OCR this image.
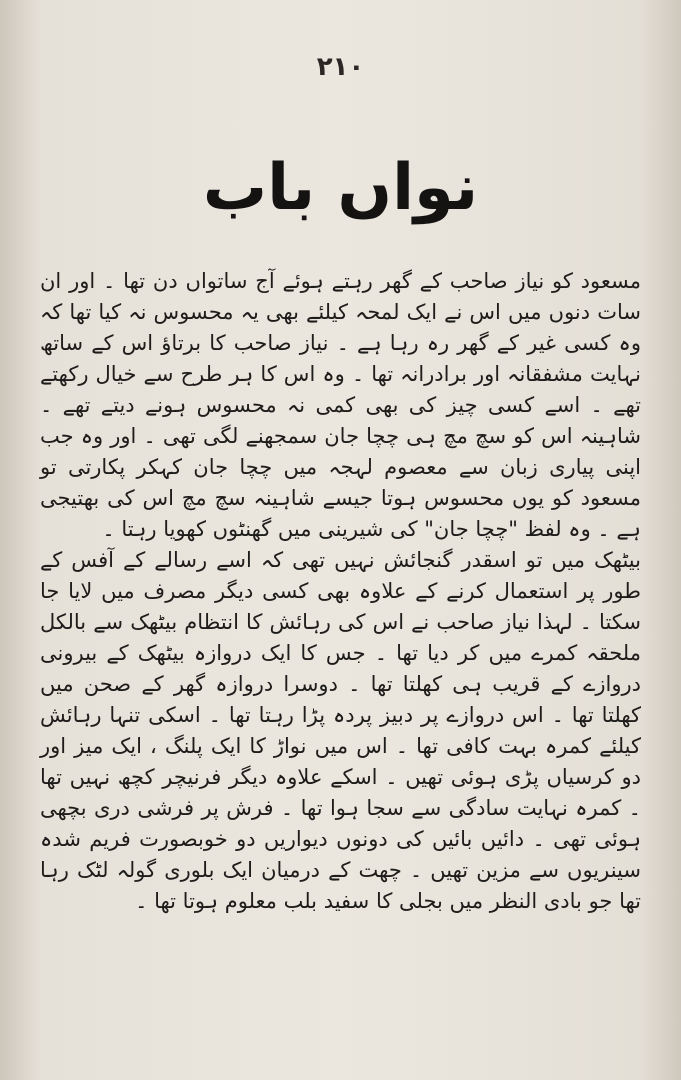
۲۱۰
نواں باب

مسعود کو نیاز صاحب کے گھر رہتے ہوئے آج ساتواں دن تھا ۔ اور ان سات دنوں میں اس نے ایک لمحہ کیلئے بھی یہ محسوس نہ کیا تھا کہ وہ کسی غیر کے گھر رہ رہا ہے ۔ نیاز صاحب کا برتاؤ اس کے ساتھ نہایت مشفقانہ اور برادرانہ تھا ۔ وہ اس کا ہر طرح سے خیال رکھتے تھے ۔ اسے کسی چیز کی بھی کمی نہ محسوس ہونے دیتے تھے ۔ شاہینہ اس کو سچ مچ ہی چچا جان سمجھنے لگی تھی ۔ اور وہ جب اپنی پیاری زبان سے معصوم لہجہ میں چچا جان کہکر پکارتی تو مسعود کو یوں محسوس ہوتا جیسے شاہینہ سچ مچ اس کی بھتیجی ہے ۔ وہ لفظ "چچا جان" کی شیرینی میں گھنٹوں کھویا رہتا ۔

بیٹھک میں تو اسقدر گنجائش نہیں تھی کہ اسے رسالے کے آفس کے طور پر استعمال کرنے کے علاوہ بھی کسی دیگر مصرف میں لایا جا سکتا ۔ لہذا نیاز صاحب نے اس کی رہائش کا انتظام بیٹھک سے بالکل ملحقہ کمرے میں کر دیا تھا ۔ جس کا ایک دروازہ بیٹھک کے بیرونی دروازے کے قریب ہی کھلتا تھا ۔ دوسرا دروازہ گھر کے صحن میں کھلتا تھا ۔ اس دروازے پر دبیز پردہ پڑا رہتا تھا ۔ اسکی تنہا رہائش کیلئے کمرہ بہت کافی تھا ۔ اس میں نواڑ کا ایک پلنگ ، ایک میز اور دو کرسیاں پڑی ہوئی تھیں ۔ اسکے علاوہ دیگر فرنیچر کچھ نہیں تھا ۔ کمرہ نہایت سادگی سے سجا ہوا تھا ۔ فرش پر فرشی دری بچھی ہوئی تھی ۔ دائیں بائیں کی دونوں دیواریں دو خوبصورت فریم شدہ سینریوں سے مزین تھیں ۔ چھت کے درمیان ایک بلوری گولہ لٹک رہا تھا جو بادی النظر میں بجلی کا سفید بلب معلوم ہوتا تھا ۔
